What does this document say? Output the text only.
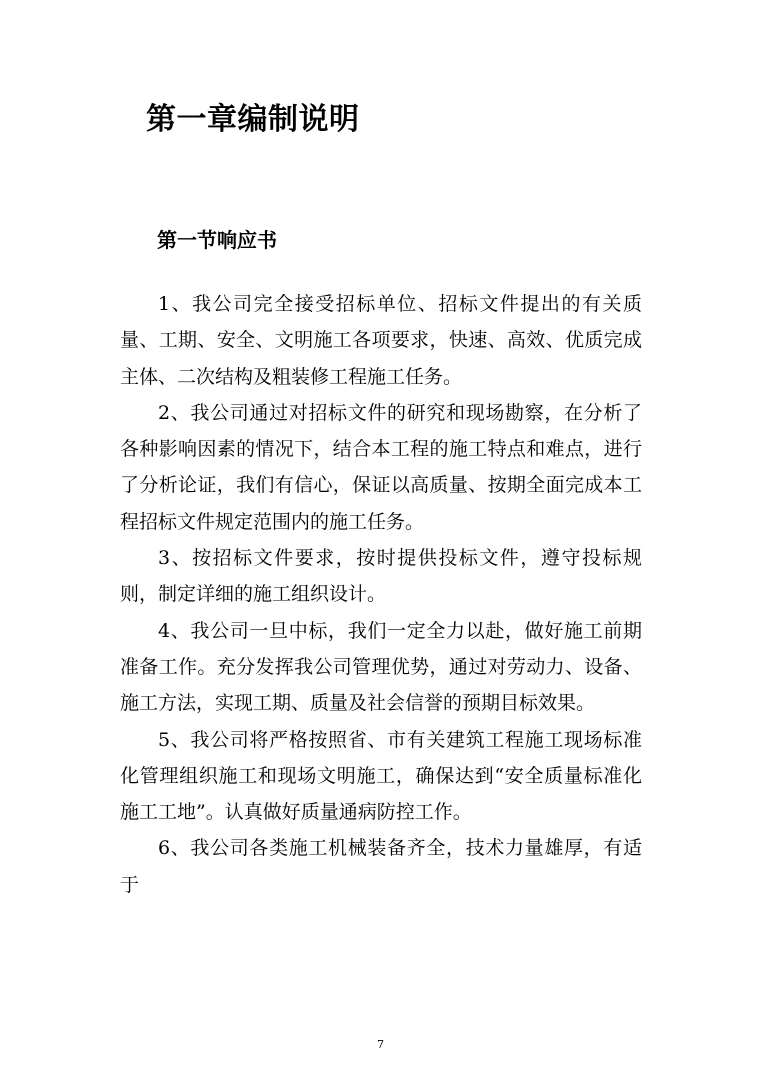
第一章编制说明
第一节响应书

1、我公司完全接受招标单位、招标文件提出的有关质量、工期、安全、文明施工各项要求，快速、高效、优质完成主体、二次结构及粗装修工程施工任务。

2、我公司通过对招标文件的研究和现场勘察，在分析了各种影响因素的情况下，结合本工程的施工特点和难点，进行了分析论证，我们有信心，保证以高质量、按期全面完成本工程招标文件规定范围内的施工任务。

3、按招标文件要求，按时提供投标文件，遵守投标规则，制定详细的施工组织设计。

4、我公司一旦中标，我们一定全力以赴，做好施工前期准备工作。充分发挥我公司管理优势，通过对劳动力、设备、施工方法，实现工期、质量及社会信誉的预期目标效果。

5、我公司将严格按照省、市有关建筑工程施工现场标准化管理组织施工和现场文明施工，确保达到“安全质量标准化施工工地”。认真做好质量通病防控工作。

6、我公司各类施工机械装备齐全，技术力量雄厚，有适于

7
